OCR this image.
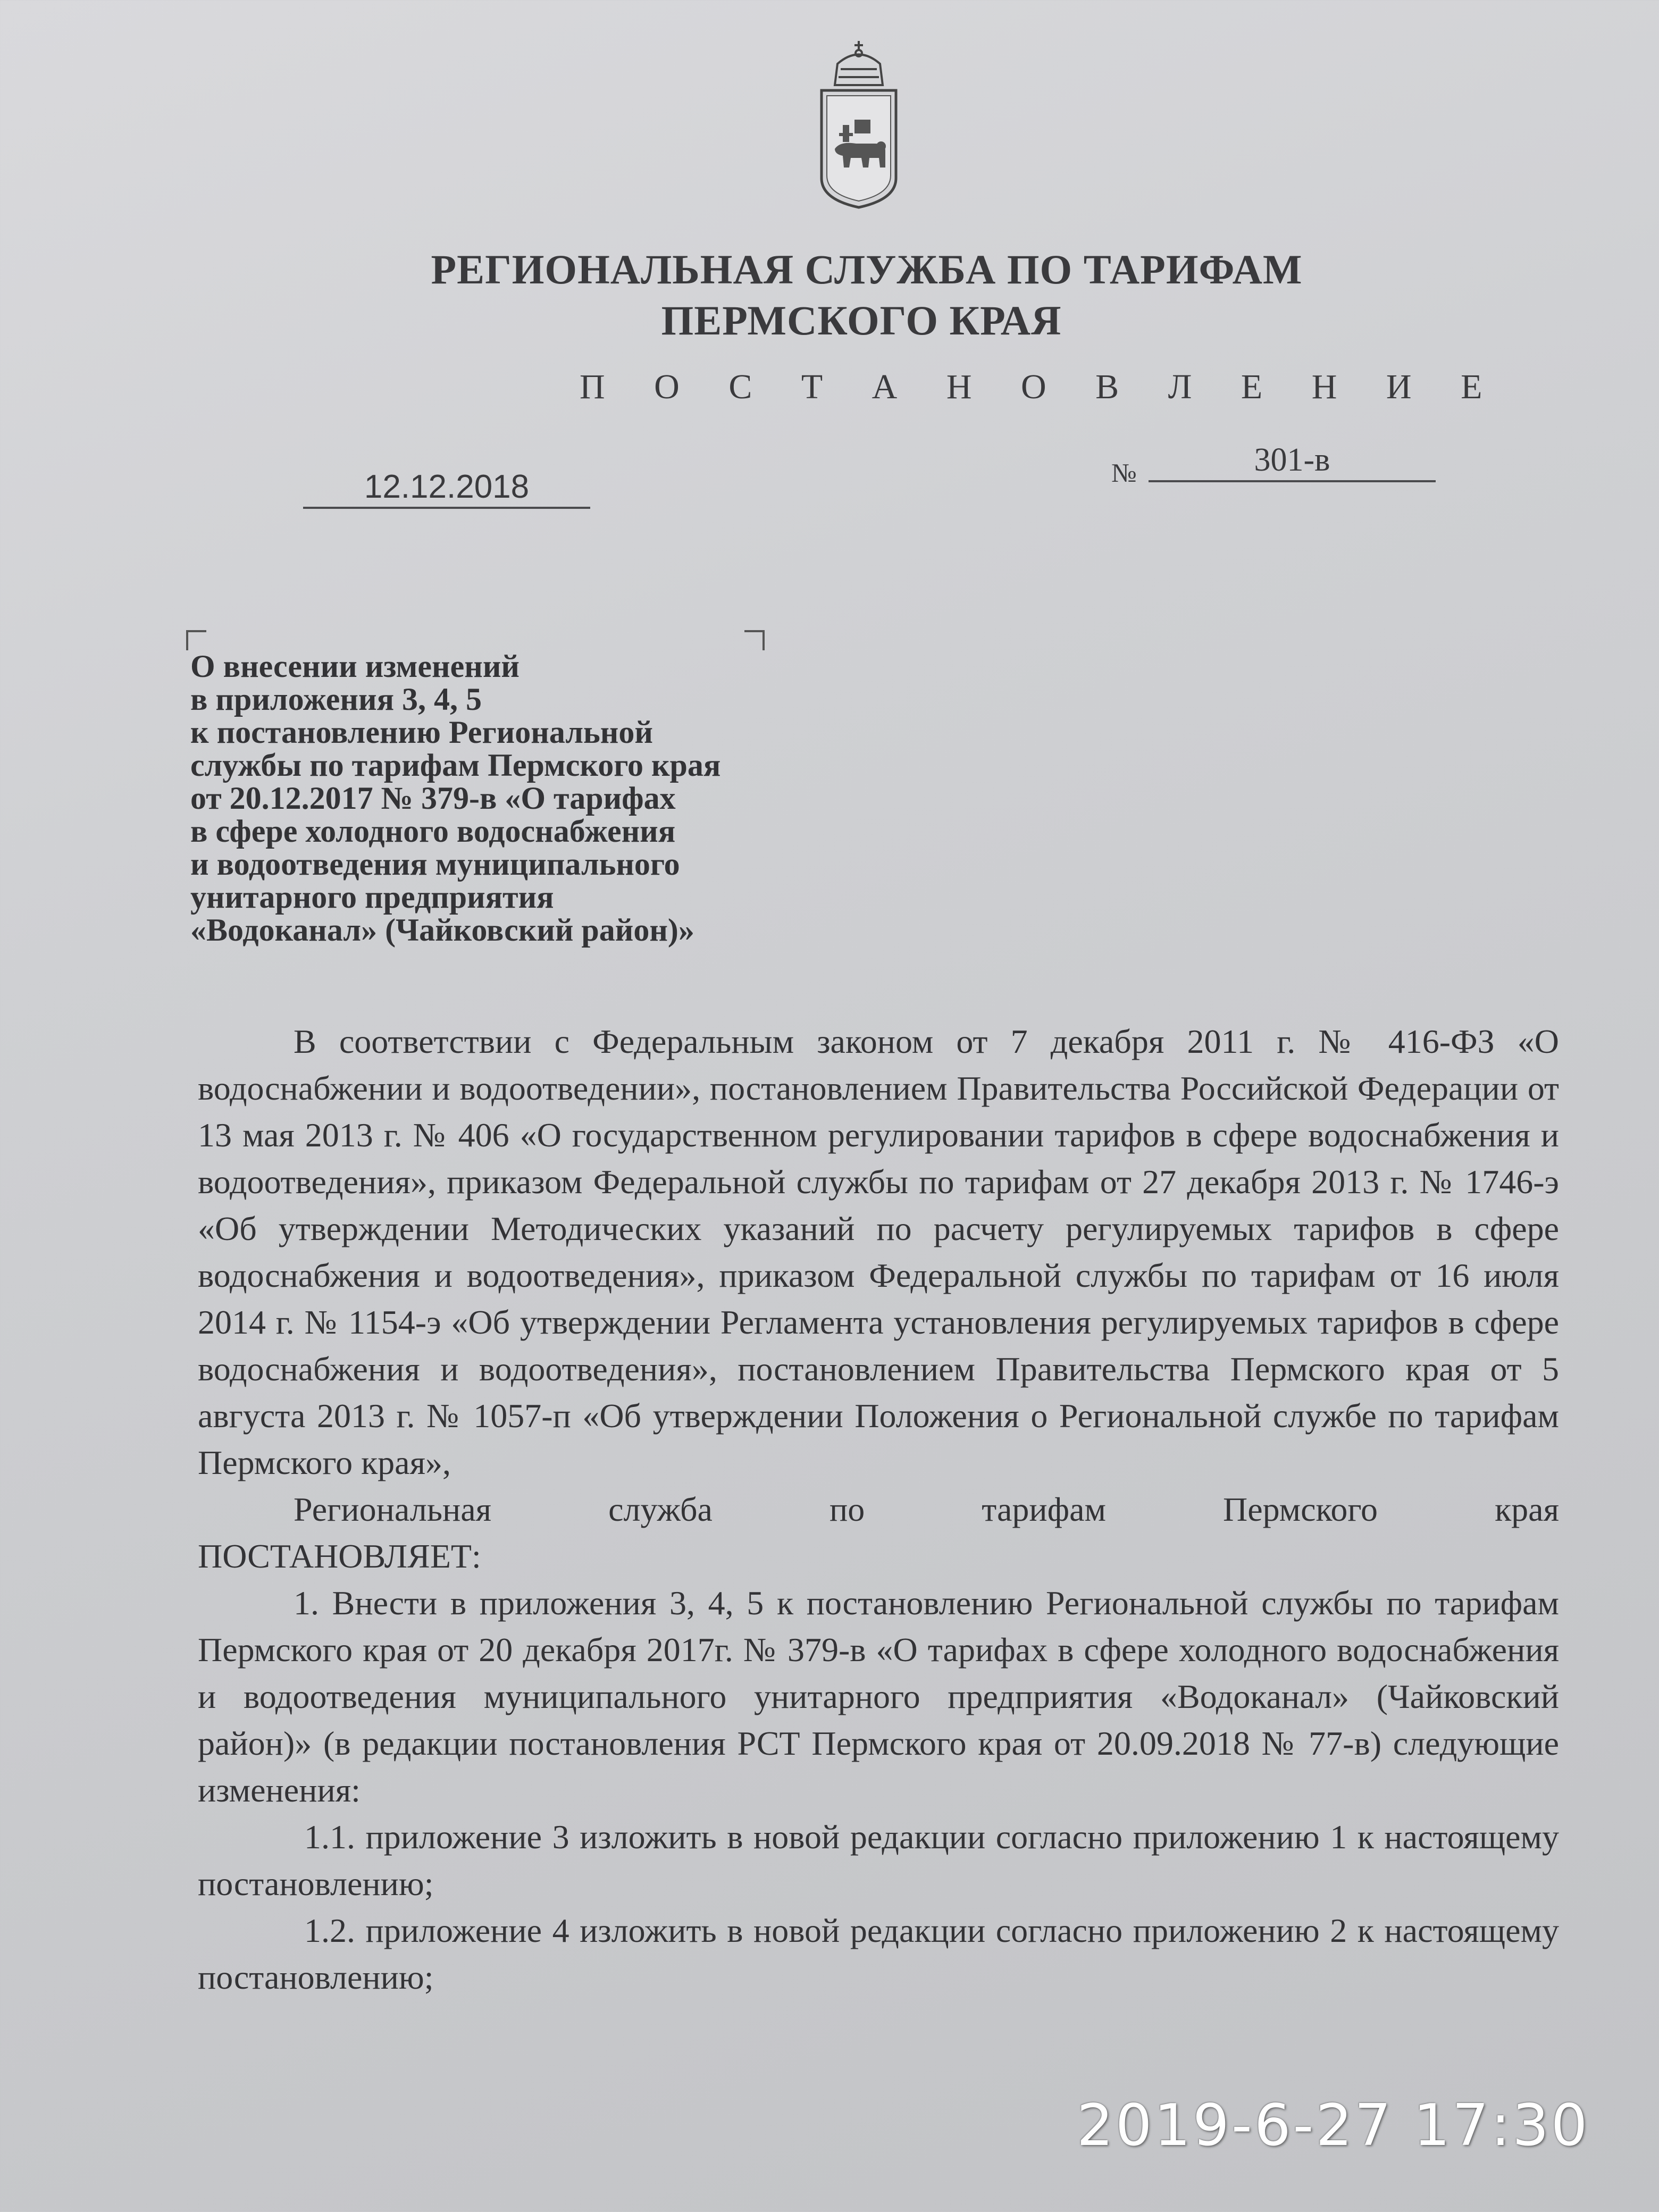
РЕГИОНАЛЬНАЯ СЛУЖБА ПО ТАРИФАМ
ПЕРМСКОГО КРАЯ
П О С Т А Н О В Л Е Н И Е
12.12.2018	№	301-в
О внесении изменений
в приложения 3, 4, 5
к постановлению Региональной
службы по тарифам Пермского края
от 20.12.2017 № 379-в «О тарифах
в сфере холодного водоснабжения
и водоотведения муниципального
унитарного предприятия
«Водоканал» (Чайковский район)»

В соответствии с Федеральным законом от 7 декабря 2011 г. № 416-ФЗ «О водоснабжении и водоотведении», постановлением Правительства Российской Федерации от 13 мая 2013 г. № 406 «О государственном регулировании тарифов в сфере водоснабжения и водоотведения», приказом Федеральной службы по тарифам от 27 декабря 2013 г. № 1746-э «Об утверждении Методических указаний по расчету регулируемых тарифов в сфере водоснабжения и водоотведения», приказом Федеральной службы по тарифам от 16 июля 2014 г. № 1154-э «Об утверждении Регламента установления регулируемых тарифов в сфере водоснабжения и водоотведения», постановлением Правительства Пермского края от 5 августа 2013 г. № 1057-п «Об утверждении Положения о Региональной службе по тарифам Пермского края»,

Региональная служба по тарифам Пермского края

ПОСТАНОВЛЯЕТ:

1. Внести в приложения 3, 4, 5 к постановлению Региональной службы по тарифам Пермского края от 20 декабря 2017г. № 379-в «О тарифах в сфере холодного водоснабжения и водоотведения муниципального унитарного предприятия «Водоканал» (Чайковский район)» (в редакции постановления РСТ Пермского края от 20.09.2018 № 77-в) следующие изменения:

1.1. приложение 3 изложить в новой редакции согласно приложению 1 к настоящему постановлению;

1.2. приложение 4 изложить в новой редакции согласно приложению 2 к настоящему постановлению;

2019-6-27 17:30
